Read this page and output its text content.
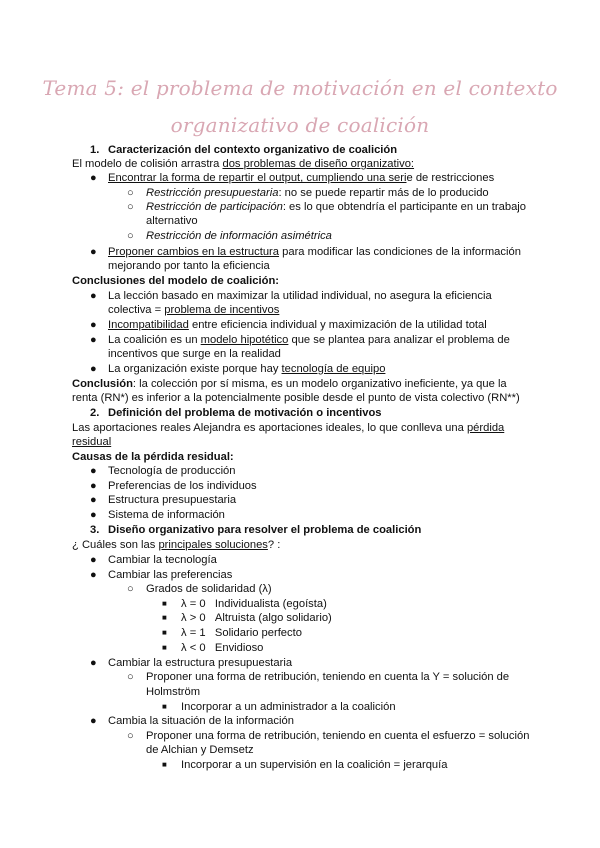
Tema 5: el problema de motivación en el contexto
organizativo de coalición
1. Caracterización del contexto organizativo de coalición
El modelo de colisión arrastra dos problemas de diseño organizativo:
● Encontrar la forma de repartir el output, cumpliendo una serie de restricciones
○ Restricción presupuestaria: no se puede repartir más de lo producido
○ Restricción de participación: es lo que obtendría el participante en un trabajo
alternativo
○ Restricción de información asimétrica
● Proponer cambios en la estructura para modificar las condiciones de la información
mejorando por tanto la eficiencia
Conclusiones del modelo de coalición:
● La lección basado en maximizar la utilidad individual, no asegura la eficiencia
colectiva = problema de incentivos
● Incompatibilidad entre eficiencia individual y maximización de la utilidad total
● La coalición es un modelo hipotético que se plantea para analizar el problema de
incentivos que surge en la realidad
● La organización existe porque hay tecnología de equipo
Conclusión: la colección por sí misma, es un modelo organizativo ineficiente, ya que la
renta (RN*) es inferior a la potencialmente posible desde el punto de vista colectivo (RN**)
2. Definición del problema de motivación o incentivos
Las aportaciones reales Alejandra es aportaciones ideales, lo que conlleva una pérdida
residual
Causas de la pérdida residual:
● Tecnología de producción
● Preferencias de los individuos
● Estructura presupuestaria
● Sistema de información
3. Diseño organizativo para resolver el problema de coalición
¿ Cuáles son las principales soluciones? :
● Cambiar la tecnología
● Cambiar las preferencias
○ Grados de solidaridad (λ)
■ λ = 0   Individualista (egoísta)
■ λ > 0   Altruista (algo solidario)
■ λ = 1   Solidario perfecto
■ λ < 0   Envidioso
● Cambiar la estructura presupuestaria
○ Proponer una forma de retribución, teniendo en cuenta la Y = solución de
Holmström
■ Incorporar a un administrador a la coalición
● Cambia la situación de la información
○ Proponer una forma de retribución, teniendo en cuenta el esfuerzo = solución
de Alchian y Demsetz
■ Incorporar a un supervisión en la coalición = jerarquía
